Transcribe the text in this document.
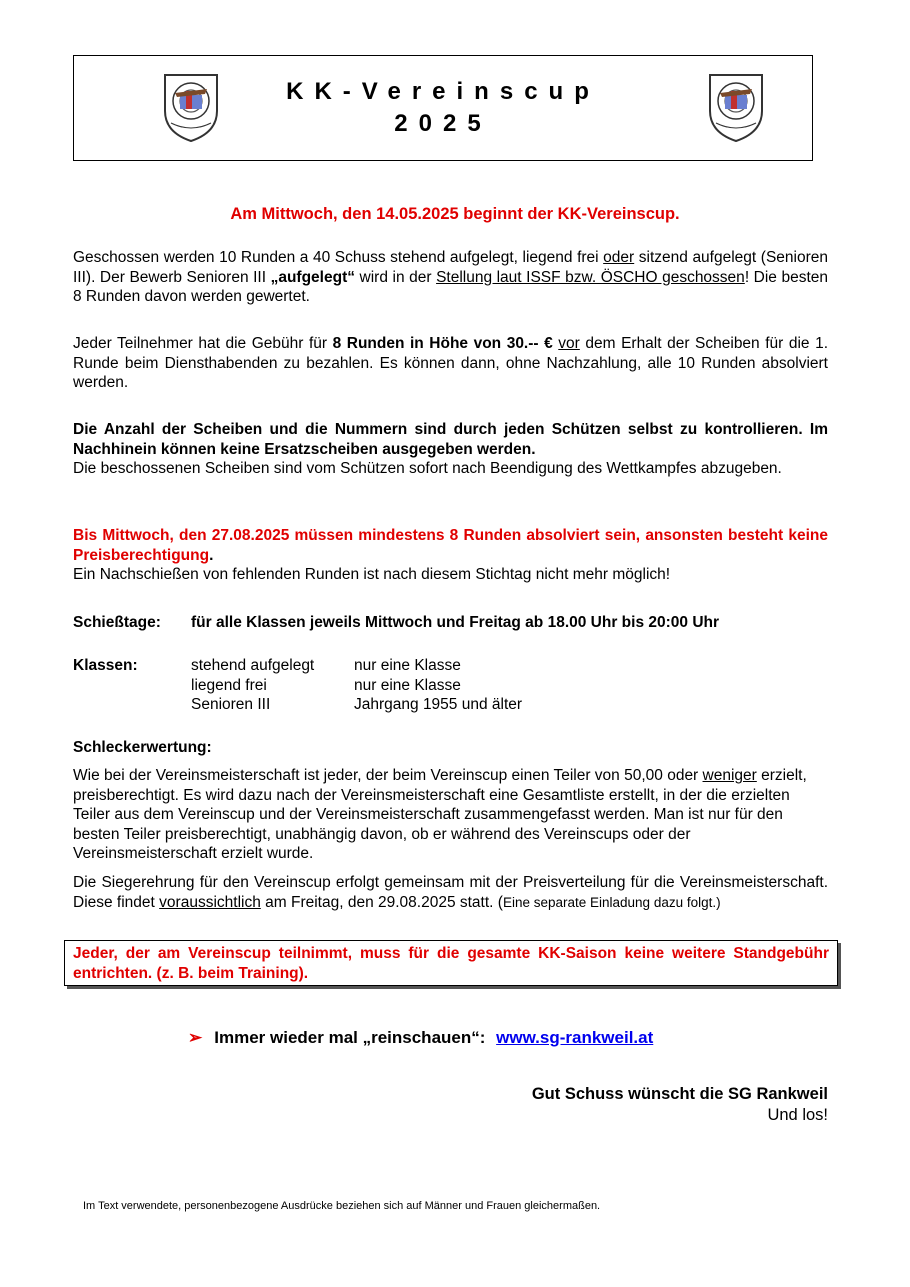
KK-Vereinscup
2025
Am Mittwoch, den 14.05.2025 beginnt der KK-Vereinscup.
Geschossen werden 10 Runden a 40 Schuss stehend aufgelegt, liegend frei oder sitzend aufgelegt (Senioren III). Der Bewerb Senioren III „aufgelegt“ wird in der Stellung laut ISSF bzw. ÖSCHO geschossen! Die besten 8 Runden davon werden gewertet.
Jeder Teilnehmer hat die Gebühr für 8 Runden in Höhe von 30.-- € vor dem Erhalt der Scheiben für die 1. Runde beim Diensthabenden zu bezahlen. Es können dann, ohne Nachzahlung, alle 10 Runden absolviert werden.
Die Anzahl der Scheiben und die Nummern sind durch jeden Schützen selbst zu kontrollieren. Im Nachhinein können keine Ersatzscheiben ausgegeben werden.
Die beschossenen Scheiben sind vom Schützen sofort nach Beendigung des Wettkampfes abzugeben.
Bis Mittwoch, den 27.08.2025 müssen mindestens 8 Runden absolviert sein, ansonsten besteht keine Preisberechtigung.
Ein Nachschießen von fehlenden Runden ist nach diesem Stichtag nicht mehr möglich!
Schießtage: für alle Klassen jeweils Mittwoch und Freitag ab 18.00 Uhr bis 20:00 Uhr
Klassen:	stehend aufgelegt	nur eine Klasse
liegend frei	nur eine Klasse
Senioren III	Jahrgang 1955 und älter
Schleckerwertung:
Wie bei der Vereinsmeisterschaft ist jeder, der beim Vereinscup einen Teiler von 50,00 oder weniger erzielt, preisberechtigt. Es wird dazu nach der Vereinsmeisterschaft eine Gesamtliste erstellt, in der die erzielten Teiler aus dem Vereinscup und der Vereinsmeisterschaft zusammengefasst werden. Man ist nur für den besten Teiler preisberechtigt, unabhängig davon, ob er während des Vereinscups oder der Vereinsmeisterschaft erzielt wurde.
Die Siegerehrung für den Vereinscup erfolgt gemeinsam mit der Preisverteilung für die Vereinsmeisterschaft. Diese findet voraussichtlich am Freitag, den 29.08.2025 statt. (Eine separate Einladung dazu folgt.)
Jeder, der am Vereinscup teilnimmt, muss für die gesamte KK-Saison keine weitere Standgebühr entrichten. (z. B. beim Training).
➢ Immer wieder mal „reinschauen“: www.sg-rankweil.at
Gut Schuss wünscht die SG Rankweil
Und los!
Im Text verwendete, personenbezogene Ausdrücke beziehen sich auf Männer und Frauen gleichermaßen.
